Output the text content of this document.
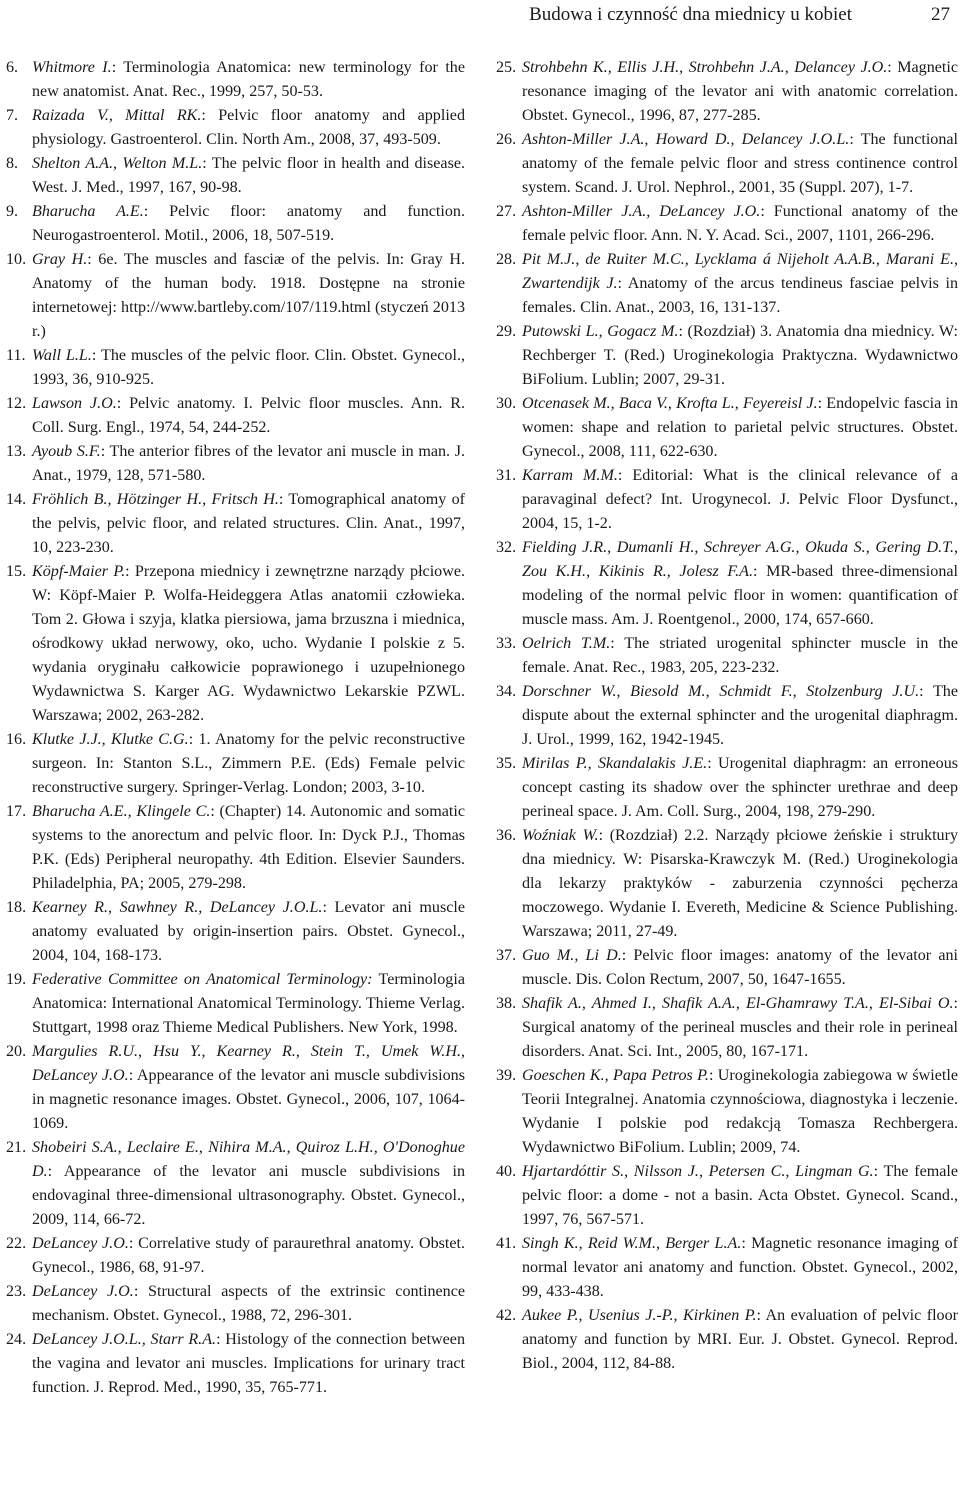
Budowa i czynność dna miednicy u kobiet	27
6. Whitmore I.: Terminologia Anatomica: new terminology for the new anatomist. Anat. Rec., 1999, 257, 50-53.
7. Raizada V., Mittal RK.: Pelvic floor anatomy and applied physiology. Gastroenterol. Clin. North Am., 2008, 37, 493-509.
8. Shelton A.A., Welton M.L.: The pelvic floor in health and disease. West. J. Med., 1997, 167, 90-98.
9. Bharucha A.E.: Pelvic floor: anatomy and function. Neurogastroenterol. Motil., 2006, 18, 507-519.
10. Gray H.: 6e. The muscles and fasciæ of the pelvis. In: Gray H. Anatomy of the human body. 1918. Dostępne na stronie internetowej: http://www.bartleby.com/107/119.html (styczeń 2013 r.)
11. Wall L.L.: The muscles of the pelvic floor. Clin. Obstet. Gynecol., 1993, 36, 910-925.
12. Lawson J.O.: Pelvic anatomy. I. Pelvic floor muscles. Ann. R. Coll. Surg. Engl., 1974, 54, 244-252.
13. Ayoub S.F.: The anterior fibres of the levator ani muscle in man. J. Anat., 1979, 128, 571-580.
14. Fröhlich B., Hötzinger H., Fritsch H.: Tomographical anatomy of the pelvis, pelvic floor, and related structures. Clin. Anat., 1997, 10, 223-230.
15. Köpf-Maier P.: Przepona miednicy i zewnętrzne narządy płciowe. W: Köpf-Maier P. Wolfa-Heideggera Atlas anatomii człowieka. Tom 2. Głowa i szyja, klatka piersiowa, jama brzuszna i miednica, ośrodkowy układ nerwowy, oko, ucho. Wydanie I polskie z 5. wydania oryginału całkowicie poprawionego i uzupełnionego Wydawnictwa S. Karger AG. Wydawnictwo Lekarskie PZWL. Warszawa; 2002, 263-282.
16. Klutke J.J., Klutke C.G.: 1. Anatomy for the pelvic reconstructive surgeon. In: Stanton S.L., Zimmern P.E. (Eds) Female pelvic reconstructive surgery. Springer-Verlag. London; 2003, 3-10.
17. Bharucha A.E., Klingele C.: (Chapter) 14. Autonomic and somatic systems to the anorectum and pelvic floor. In: Dyck P.J., Thomas P.K. (Eds) Peripheral neuropathy. 4th Edition. Elsevier Saunders. Philadelphia, PA; 2005, 279-298.
18. Kearney R., Sawhney R., DeLancey J.O.L.: Levator ani muscle anatomy evaluated by origin-insertion pairs. Obstet. Gynecol., 2004, 104, 168-173.
19. Federative Committee on Anatomical Terminology: Terminologia Anatomica: International Anatomical Terminology. Thieme Verlag. Stuttgart, 1998 oraz Thieme Medical Publishers. New York, 1998.
20. Margulies R.U., Hsu Y., Kearney R., Stein T., Umek W.H., DeLancey J.O.: Appearance of the levator ani muscle subdivisions in magnetic resonance images. Obstet. Gynecol., 2006, 107, 1064-1069.
21. Shobeiri S.A., Leclaire E., Nihira M.A., Quiroz L.H., O'Donoghue D.: Appearance of the levator ani muscle subdivisions in endovaginal three-dimensional ultrasonography. Obstet. Gynecol., 2009, 114, 66-72.
22. DeLancey J.O.: Correlative study of paraurethral anatomy. Obstet. Gynecol., 1986, 68, 91-97.
23. DeLancey J.O.: Structural aspects of the extrinsic continence mechanism. Obstet. Gynecol., 1988, 72, 296-301.
24. DeLancey J.O.L., Starr R.A.: Histology of the connection between the vagina and levator ani muscles. Implications for urinary tract function. J. Reprod. Med., 1990, 35, 765-771.
25. Strohbehn K., Ellis J.H., Strohbehn J.A., Delancey J.O.: Magnetic resonance imaging of the levator ani with anatomic correlation. Obstet. Gynecol., 1996, 87, 277-285.
26. Ashton-Miller J.A., Howard D., Delancey J.O.L.: The functional anatomy of the female pelvic floor and stress continence control system. Scand. J. Urol. Nephrol., 2001, 35 (Suppl. 207), 1-7.
27. Ashton-Miller J.A., DeLancey J.O.: Functional anatomy of the female pelvic floor. Ann. N. Y. Acad. Sci., 2007, 1101, 266-296.
28. Pit M.J., de Ruiter M.C., Lycklama á Nijeholt A.A.B., Marani E., Zwartendijk J.: Anatomy of the arcus tendineus fasciae pelvis in females. Clin. Anat., 2003, 16, 131-137.
29. Putowski L., Gogacz M.: (Rozdział) 3. Anatomia dna miednicy. W: Rechberger T. (Red.) Uroginekologia Praktyczna. Wydawnictwo BiFolium. Lublin; 2007, 29-31.
30. Otcenasek M., Baca V., Krofta L., Feyereisl J.: Endopelvic fascia in women: shape and relation to parietal pelvic structures. Obstet. Gynecol., 2008, 111, 622-630.
31. Karram M.M.: Editorial: What is the clinical relevance of a paravaginal defect? Int. Urogynecol. J. Pelvic Floor Dysfunct., 2004, 15, 1-2.
32. Fielding J.R., Dumanli H., Schreyer A.G., Okuda S., Gering D.T., Zou K.H., Kikinis R., Jolesz F.A.: MR-based three-dimensional modeling of the normal pelvic floor in women: quantification of muscle mass. Am. J. Roentgenol., 2000, 174, 657-660.
33. Oelrich T.M.: The striated urogenital sphincter muscle in the female. Anat. Rec., 1983, 205, 223-232.
34. Dorschner W., Biesold M., Schmidt F., Stolzenburg J.U.: The dispute about the external sphincter and the urogenital diaphragm. J. Urol., 1999, 162, 1942-1945.
35. Mirilas P., Skandalakis J.E.: Urogenital diaphragm: an erroneous concept casting its shadow over the sphincter urethrae and deep perineal space. J. Am. Coll. Surg., 2004, 198, 279-290.
36. Woźniak W.: (Rozdział) 2.2. Narządy płciowe żeńskie i struktury dna miednicy. W: Pisarska-Krawczyk M. (Red.) Uroginekologia dla lekarzy praktyków - zaburzenia czynności pęcherza moczowego. Wydanie I. Evereth, Medicine & Science Publishing. Warszawa; 2011, 27-49.
37. Guo M., Li D.: Pelvic floor images: anatomy of the levator ani muscle. Dis. Colon Rectum, 2007, 50, 1647-1655.
38. Shafik A., Ahmed I., Shafik A.A., El-Ghamrawy T.A., El-Sibai O.: Surgical anatomy of the perineal muscles and their role in perineal disorders. Anat. Sci. Int., 2005, 80, 167-171.
39. Goeschen K., Papa Petros P.: Uroginekologia zabiegowa w świetle Teorii Integralnej. Anatomia czynnościowa, diagnostyka i leczenie. Wydanie I polskie pod redakcją Tomasza Rechbergera. Wydawnictwo BiFolium. Lublin; 2009, 74.
40. Hjartardóttir S., Nilsson J., Petersen C., Lingman G.: The female pelvic floor: a dome - not a basin. Acta Obstet. Gynecol. Scand., 1997, 76, 567-571.
41. Singh K., Reid W.M., Berger L.A.: Magnetic resonance imaging of normal levator ani anatomy and function. Obstet. Gynecol., 2002, 99, 433-438.
42. Aukee P., Usenius J.-P., Kirkinen P.: An evaluation of pelvic floor anatomy and function by MRI. Eur. J. Obstet. Gynecol. Reprod. Biol., 2004, 112, 84-88.
